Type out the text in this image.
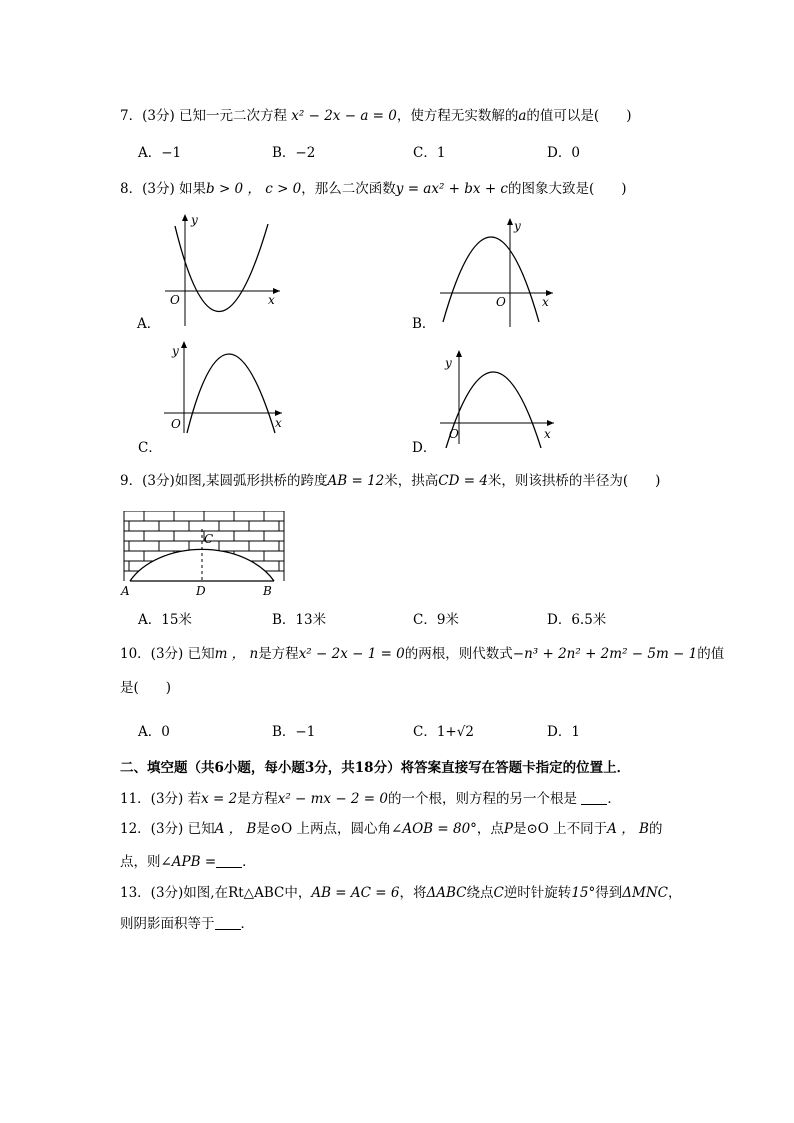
7．(3分) 已知一元二次方程 x² − 2x − a = 0，使方程无实数解的a的值可以是(　　)
A．−1	B．−2	C．1	D．0
8．(3分) 如果b > 0 ， c > 0，那么二次函数y = ax² + bx + c的图象大致是(　　)
y
x
O
A．
y
x
O
B．
y
x
O
C．
y
x
O
D．
9．(3分)如图,某圆弧形拱桥的跨度AB = 12米，拱高CD = 4米，则该拱桥的半径为(　　)
A	B
C
D
A．15米	B．13米	C．9米	D．6.5米
10．(3分) 已知m ， n是方程x² − 2x − 1 = 0的两根，则代数式−n³ + 2n² + 2m² − 5m − 1的值
是(　　)
A．0	B．−1	C．1+√2	D．1
二、填空题（共6小题，每小题3分，共18分）将答案直接写在答题卡指定的位置上．
11．(3分) 若x = 2是方程x² − mx − 2 = 0的一个根，则方程的另一个根是 ．
12．(3分) 已知A ， B是⊙O 上两点，圆心角∠AOB = 80°，点P是⊙O 上不同于A ， B的
点，则∠APB = ．
13．(3分)如图,在Rt△ABC中，AB = AC = 6，将ΔABC绕点C逆时针旋转15°得到ΔMNC，
则阴影面积等于 ．
